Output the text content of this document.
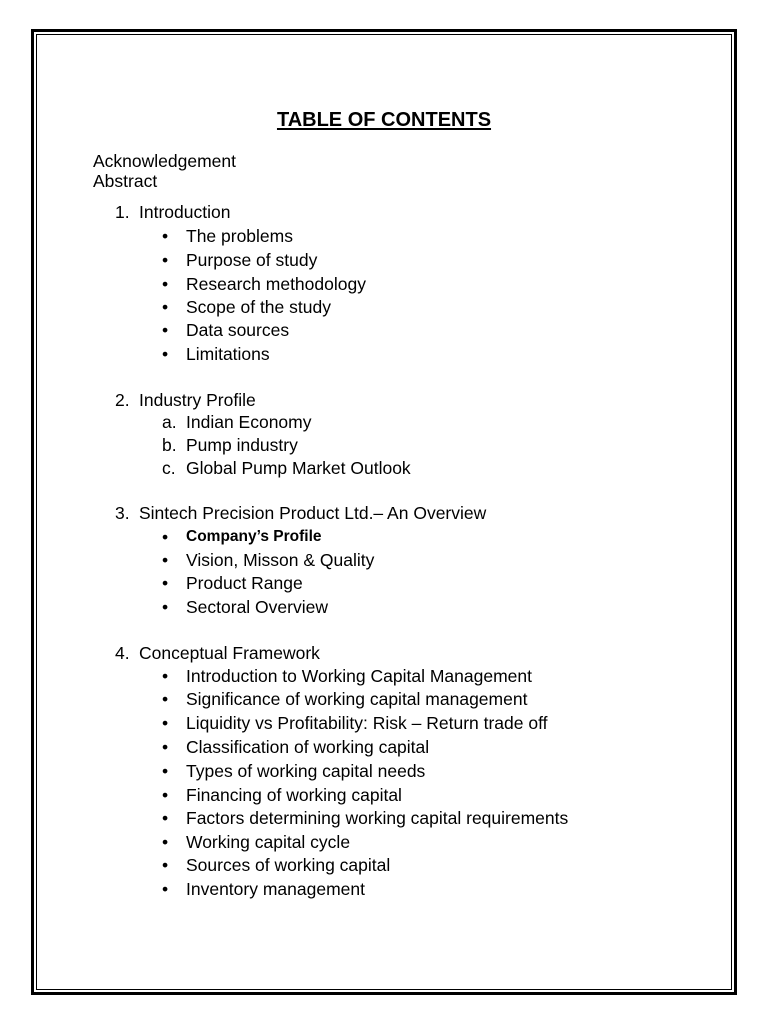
TABLE OF CONTENTS
Acknowledgement
Abstract
1. Introduction
• The problems
• Purpose of study
• Research methodology
• Scope of the study
• Data sources
• Limitations
2. Industry Profile
a. Indian Economy
b. Pump industry
c. Global Pump Market Outlook
3. Sintech Precision Product Ltd.– An Overview
• Company’s Profile
• Vision, Misson & Quality
• Product Range
• Sectoral Overview
4. Conceptual Framework
• Introduction to Working Capital Management
• Significance of working capital management
• Liquidity vs Profitability: Risk – Return trade off
• Classification of working capital
• Types of working capital needs
• Financing of working capital
• Factors determining working capital requirements
• Working capital cycle
• Sources of working capital
• Inventory management
